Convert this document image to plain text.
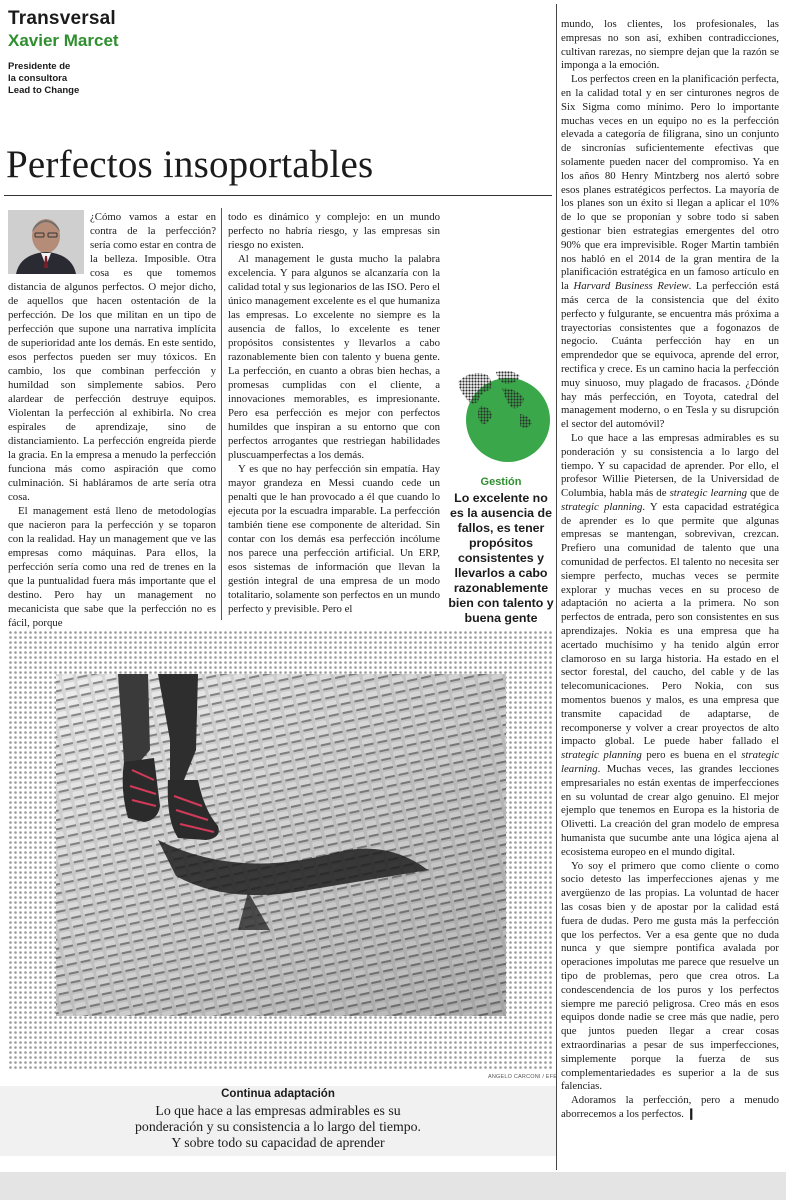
Transversal
Xavier Marcet
Presidente de
la consultora
Lead to Change
Perfectos insoportables

¿Cómo vamos a estar en contra de la perfección? sería como estar en contra de la belleza. Imposible. Otra cosa es que tomemos distancia de algunos perfectos. O mejor dicho, de aquellos que hacen ostentación de la perfección. De los que militan en un tipo de perfección que supone una narrativa implícita de superioridad ante los demás. En este sentido, esos perfectos pueden ser muy tóxicos. En cambio, los que combinan perfección y humildad son simplemente sabios. Pero alardear de perfección destruye equipos. Violentan la perfección al exhibirla. No crea espirales de aprendizaje, sino de distanciamiento. La perfección engreída pierde la gracia. En la empresa a menudo la perfección funciona más como aspiración que como culminación. Si habláramos de arte sería otra cosa.

El management está lleno de metodologías que nacieron para la perfección y se toparon con la realidad. Hay un management que ve las empresas como máquinas. Para ellos, la perfección sería como una red de trenes en la que la puntualidad fuera más importante que el destino. Pero hay un management no mecanicista que sabe que la perfección no es fácil, porque

todo es dinámico y complejo: en un mundo perfecto no habría riesgo, y las empresas sin riesgo no existen.

Al management le gusta mucho la palabra excelencia. Y para algunos se alcanzaría con la calidad total y sus legionarios de las ISO. Pero el único management excelente es el que humaniza las empresas. Lo excelente no siempre es la ausencia de fallos, lo excelente es tener propósitos consistentes y llevarlos a cabo razonablemente bien con talento y buena gente. La perfección, en cuanto a obras bien hechas, a promesas cumplidas con el cliente, a innovaciones memorables, es impresionante. Pero esa perfección es mejor con perfectos humildes que inspiran a su entorno que con perfectos arrogantes que restriegan habilidades pluscuamperfectas a los demás.

Y es que no hay perfección sin empatía. Hay mayor grandeza en Messi cuando cede un penalti que le han provocado a él que cuando lo ejecuta por la escuadra imparable. La perfección también tiene ese componente de alteridad. Sin contar con los demás esa perfección incólume nos parece una perfección artificial. Un ERP, esos sistemas de información que llevan la gestión integral de una empresa de un modo totalitario, solamente son perfectos en un mundo perfecto y previsible. Pero el

Gestión
Lo excelente no es la ausencia de fallos, es tener propósitos consistentes y llevarlos a cabo razonablemente bien con talento y buena gente

mundo, los clientes, los profesionales, las empresas no son así, exhiben contradicciones, cultivan rarezas, no siempre dejan que la razón se imponga a la emoción.

Los perfectos creen en la planificación perfecta, en la calidad total y en ser cinturones negros de Six Sigma como mínimo. Pero lo importante muchas veces en un equipo no es la perfección elevada a categoría de filigrana, sino un conjunto de sincronías suficientemente efectivas que solamente pueden nacer del compromiso. Ya en los años 80 Henry Mintzberg nos alertó sobre esos planes estratégicos perfectos. La mayoría de los planes son un éxito si llegan a aplicar el 10% de lo que se proponían y sobre todo si saben gestionar bien estrategias emergentes del otro 90% que era imprevisible. Roger Martin también nos habló en el 2014 de la gran mentira de la planificación estratégica en un famoso artículo en la Harvard Business Review. La perfección está más cerca de la consistencia que del éxito perfecto y fulgurante, se encuentra más próxima a trayectorias consistentes que a fogonazos de negocio. Cuánta perfección hay en un emprendedor que se equivoca, aprende del error, rectifica y crece. Es un camino hacia la perfección muy sinuoso, muy plagado de fracasos. ¿Dónde hay más perfección, en Toyota, catedral del management moderno, o en Tesla y su disrupción el sector del automóvil?

Lo que hace a las empresas admirables es su ponderación y su consistencia a lo largo del tiempo. Y su capacidad de aprender. Por ello, el profesor Willie Pietersen, de la Universidad de Columbia, habla más de strategic learning que de strategic planning. Y esta capacidad estratégica de aprender es lo que permite que algunas empresas se mantengan, sobrevivan, crezcan. Prefiero una comunidad de talento que una comunidad de perfectos. El talento no necesita ser siempre perfecto, muchas veces se permite explorar y muchas veces en su proceso de adaptación no acierta a la primera. No son perfectos de entrada, pero son consistentes en sus aprendizajes. Nokia es una empresa que ha acertado muchísimo y ha tenido algún error clamoroso en su larga historia. Ha estado en el sector forestal, del caucho, del cable y de las telecomunicaciones. Pero Nokia, con sus momentos buenos y malos, es una empresa que transmite capacidad de adaptarse, de recomponerse y volver a crear proyectos de alto impacto global. Le puede haber fallado el strategic planning pero es buena en el strategic learning. Muchas veces, las grandes lecciones empresariales no están exentas de imperfecciones en su voluntad de crear algo genuino. El mejor ejemplo que tenemos en Europa es la historia de Olivetti. La creación del gran modelo de empresa humanista que sucumbe ante una lógica ajena al ecosistema europeo en el mundo digital.

Yo soy el primero que como cliente o como socio detesto las imperfecciones ajenas y me avergüenzo de las propias. La voluntad de hacer las cosas bien y de apostar por la calidad está fuera de dudas. Pero me gusta más la perfección que los perfectos. Ver a esa gente que no duda nunca y que siempre pontifica avalada por operaciones impolutas me parece que resuelve un tipo de problemas, pero que crea otros. La condescendencia de los puros y los perfectos siempre me pareció peligrosa. Creo más en esos equipos donde nadie se cree más que nadie, pero que juntos pueden llegar a crear cosas extraordinarias a pesar de sus imperfecciones, simplemente porque la fuerza de sus complementariedades es superior a la de sus falencias.

Adoramos la perfección, pero a menudo aborrecemos a los perfectos. ❙

ANGELO CARCONI / EFE
Continua adaptación
Lo que hace a las empresas admirables es su
ponderación y su consistencia a lo largo del tiempo.
Y sobre todo su capacidad de aprender
